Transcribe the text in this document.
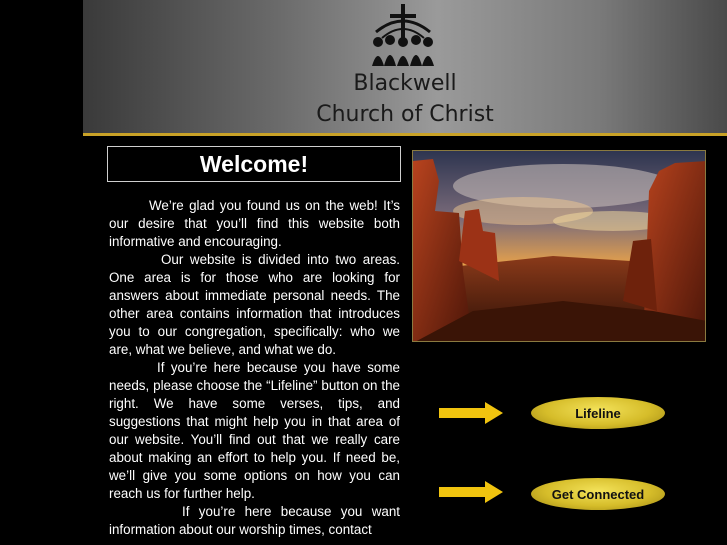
Blackwell
Church of Christ
Welcome!

We’re glad you found us on the web! It’s our desire that you’ll find this website both informative and encouraging.

Our website is divided into two areas. One area is for those who are looking for answers about immediate personal needs. The other area contains information that introduces you to our congregation, specifically: who we are, what we believe, and what we do.

If you’re here because you have some needs, please choose the “Lifeline” button on the right. We have some verses, tips, and suggestions that might help you in that area of our website. You’ll find out that we really care about making an effort to help you. If need be, we’ll give you some options on how you can reach us for further help.

If you’re here because you want information about our worship times, contact

Lifeline
Get Connected
